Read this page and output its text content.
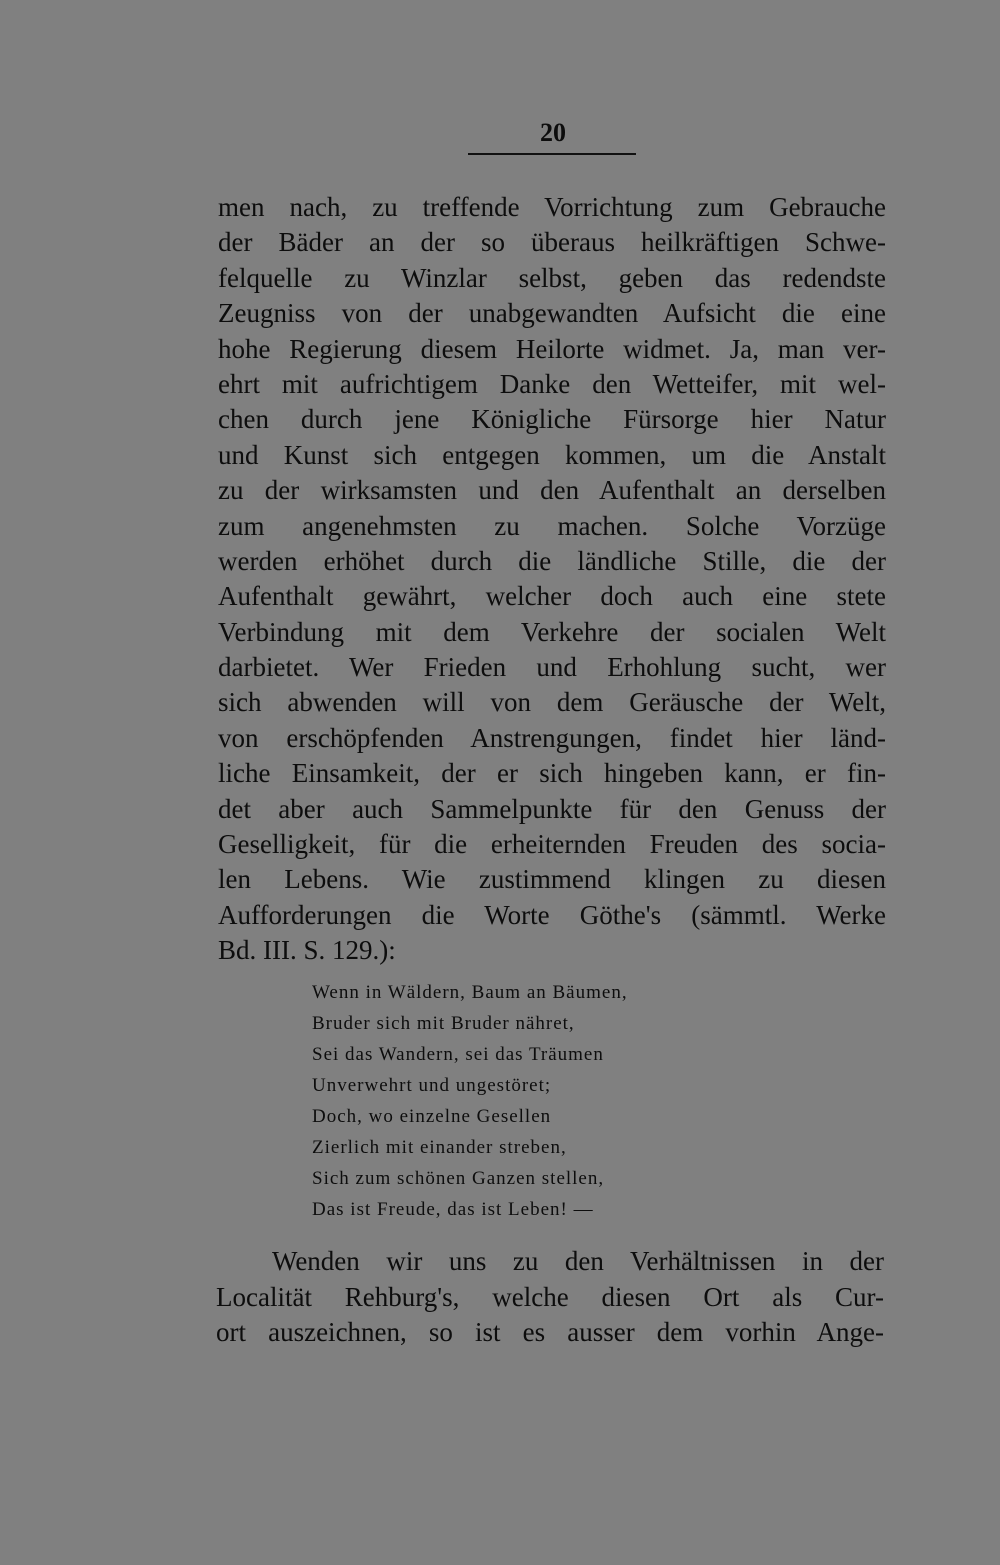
20
men nach, zu treffende Vorrichtung zum Gebrauche
der Bäder an der so überaus heilkräftigen Schwe-
felquelle zu Winzlar selbst, geben das redendste
Zeugniss von der unabgewandten Aufsicht die eine
hohe Regierung diesem Heilorte widmet. Ja, man ver-
ehrt mit aufrichtigem Danke den Wetteifer, mit wel-
chen durch jene Königliche Fürsorge hier Natur
und Kunst sich entgegen kommen, um die Anstalt
zu der wirksamsten und den Aufenthalt an derselben
zum angenehmsten zu machen. Solche Vorzüge
werden erhöhet durch die ländliche Stille, die der
Aufenthalt gewährt, welcher doch auch eine stete
Verbindung mit dem Verkehre der socialen Welt
darbietet. Wer Frieden und Erhohlung sucht, wer
sich abwenden will von dem Geräusche der Welt,
von erschöpfenden Anstrengungen, findet hier länd-
liche Einsamkeit, der er sich hingeben kann, er fin-
det aber auch Sammelpunkte für den Genuss der
Geselligkeit, für die erheiternden Freuden des socia-
len Lebens. Wie zustimmend klingen zu diesen
Aufforderungen die Worte Göthe's (sämmtl. Werke
Bd. III. S. 129.):
Wenn in Wäldern, Baum an Bäumen,
Bruder sich mit Bruder nähret,
Sei das Wandern, sei das Träumen
Unverwehrt und ungestöret;
Doch, wo einzelne Gesellen
Zierlich mit einander streben,
Sich zum schönen Ganzen stellen,
Das ist Freude, das ist Leben! —
Wenden wir uns zu den Verhältnissen in der
Localität Rehburg's, welche diesen Ort als Cur-
ort auszeichnen, so ist es ausser dem vorhin Ange-
